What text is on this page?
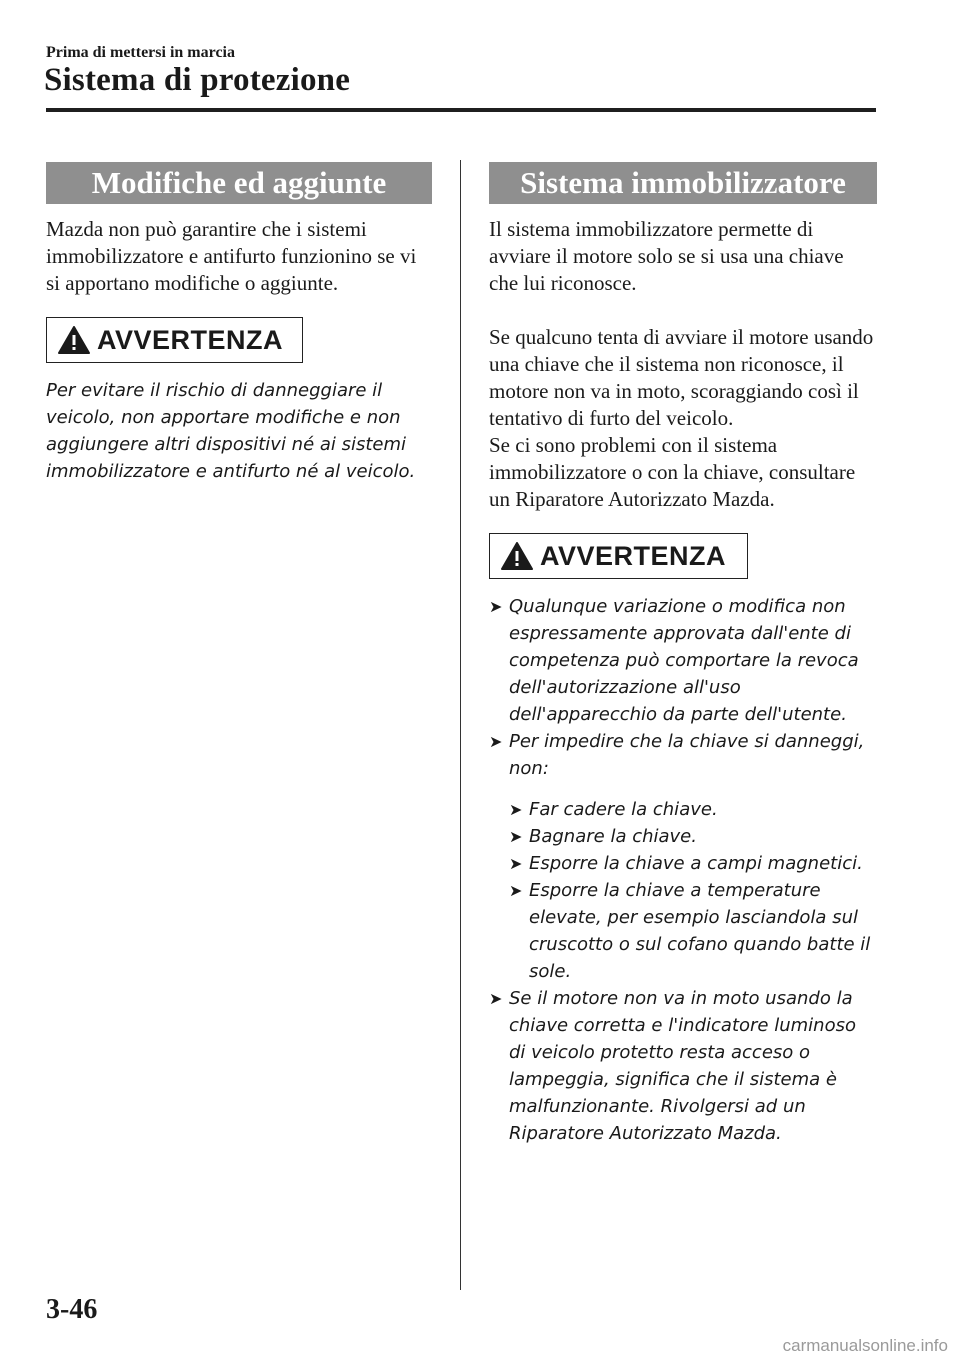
Prima di mettersi in marcia
Sistema di protezione
Modifiche ed aggiunte

Mazda non può garantire che i sistemi immobilizzatore e antifurto funzionino se vi si apportano modifiche o aggiunte.

AVVERTENZA
Per evitare il rischio di danneggiare il veicolo, non apportare modifiche e non aggiungere altri dispositivi né ai sistemi immobilizzatore e antifurto né al veicolo.
Sistema immobilizzatore

Il sistema immobilizzatore permette di avviare il motore solo se si usa una chiave che lui riconosce.

Se qualcuno tenta di avviare il motore usando una chiave che il sistema non riconosce, il motore non va in moto, scoraggiando così il tentativo di furto del veicolo.

Se ci sono problemi con il sistema immobilizzatore o con la chiave, consultare un Riparatore Autorizzato Mazda.

AVVERTENZA
➤ Qualunque variazione o modifica non espressamente approvata dall'ente di competenza può comportare la revoca dell'autorizzazione all'uso dell'apparecchio da parte dell'utente.
➤ Per impedire che la chiave si danneggi, non:
➤ Far cadere la chiave.
➤ Bagnare la chiave.
➤ Esporre la chiave a campi magnetici.
➤ Esporre la chiave a temperature elevate, per esempio lasciandola sul cruscotto o sul cofano quando batte il sole.
➤ Se il motore non va in moto usando la chiave corretta e l'indicatore luminoso di veicolo protetto resta acceso o lampeggia, significa che il sistema è malfunzionante. Rivolgersi ad un Riparatore Autorizzato Mazda.
3-46
carmanualsonline.info
